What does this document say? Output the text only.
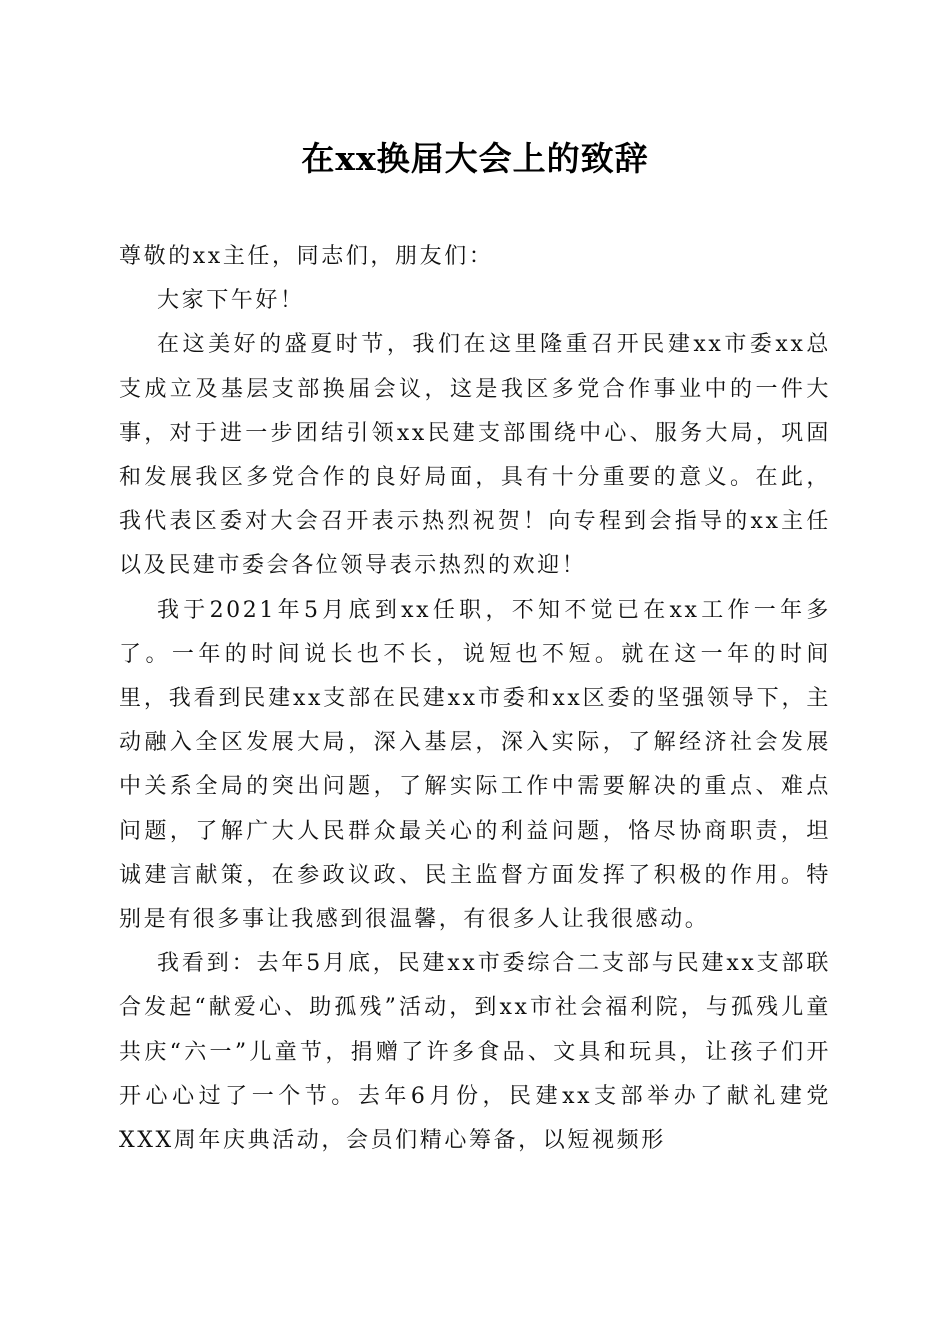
在xx换届大会上的致辞

尊敬的xx主任，同志们，朋友们：

大家下午好！

在这美好的盛夏时节，我们在这里隆重召开民建xx市委xx总支成立及基层支部换届会议，这是我区多党合作事业中的一件大事，对于进一步团结引领xx民建支部围绕中心、服务大局，巩固和发展我区多党合作的良好局面，具有十分重要的意义。在此，我代表区委对大会召开表示热烈祝贺！向专程到会指导的xx主任以及民建市委会各位领导表示热烈的欢迎！

我于2021年5月底到xx任职，不知不觉已在xx工作一年多了。一年的时间说长也不长，说短也不短。就在这一年的时间里，我看到民建xx支部在民建xx市委和xx区委的坚强领导下，主动融入全区发展大局，深入基层，深入实际，了解经济社会发展中关系全局的突出问题，了解实际工作中需要解决的重点、难点问题，了解广大人民群众最关心的利益问题，恪尽协商职责，坦诚建言献策，在参政议政、民主监督方面发挥了积极的作用。特别是有很多事让我感到很温馨，有很多人让我很感动。

我看到：去年5月底，民建xx市委综合二支部与民建xx支部联合发起“献爱心、助孤残”活动，到xx市社会福利院，与孤残儿童共庆“六一”儿童节，捐赠了许多食品、文具和玩具，让孩子们开开心心过了一个节。去年6月份，民建xx支部举办了献礼建党XXX周年庆典活动，会员们精心筹备，以短视频形
